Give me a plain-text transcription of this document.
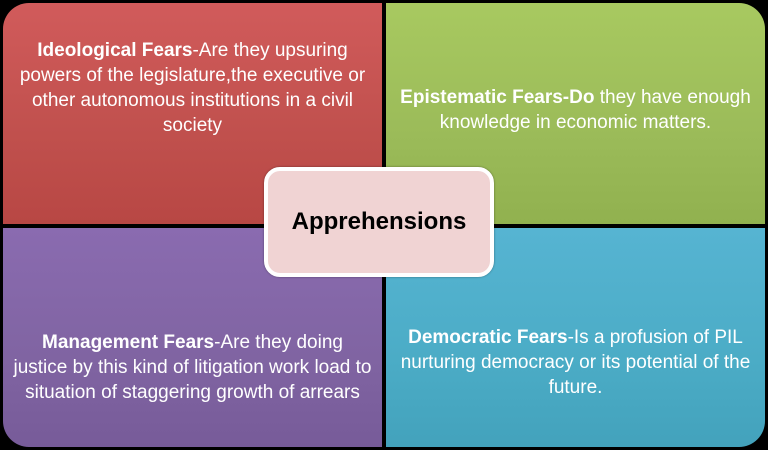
Ideological Fears-Are they upsuring powers of the legislature,the executive or other autonomous institutions in a civil society
Epistematic Fears-Do they have enough knowledge in economic matters.
Management Fears-Are they doing justice by this kind of litigation work load to situation of staggering growth of arrears
Democratic Fears-Is a profusion of PIL nurturing democracy or its potential of the future.
Apprehensions
